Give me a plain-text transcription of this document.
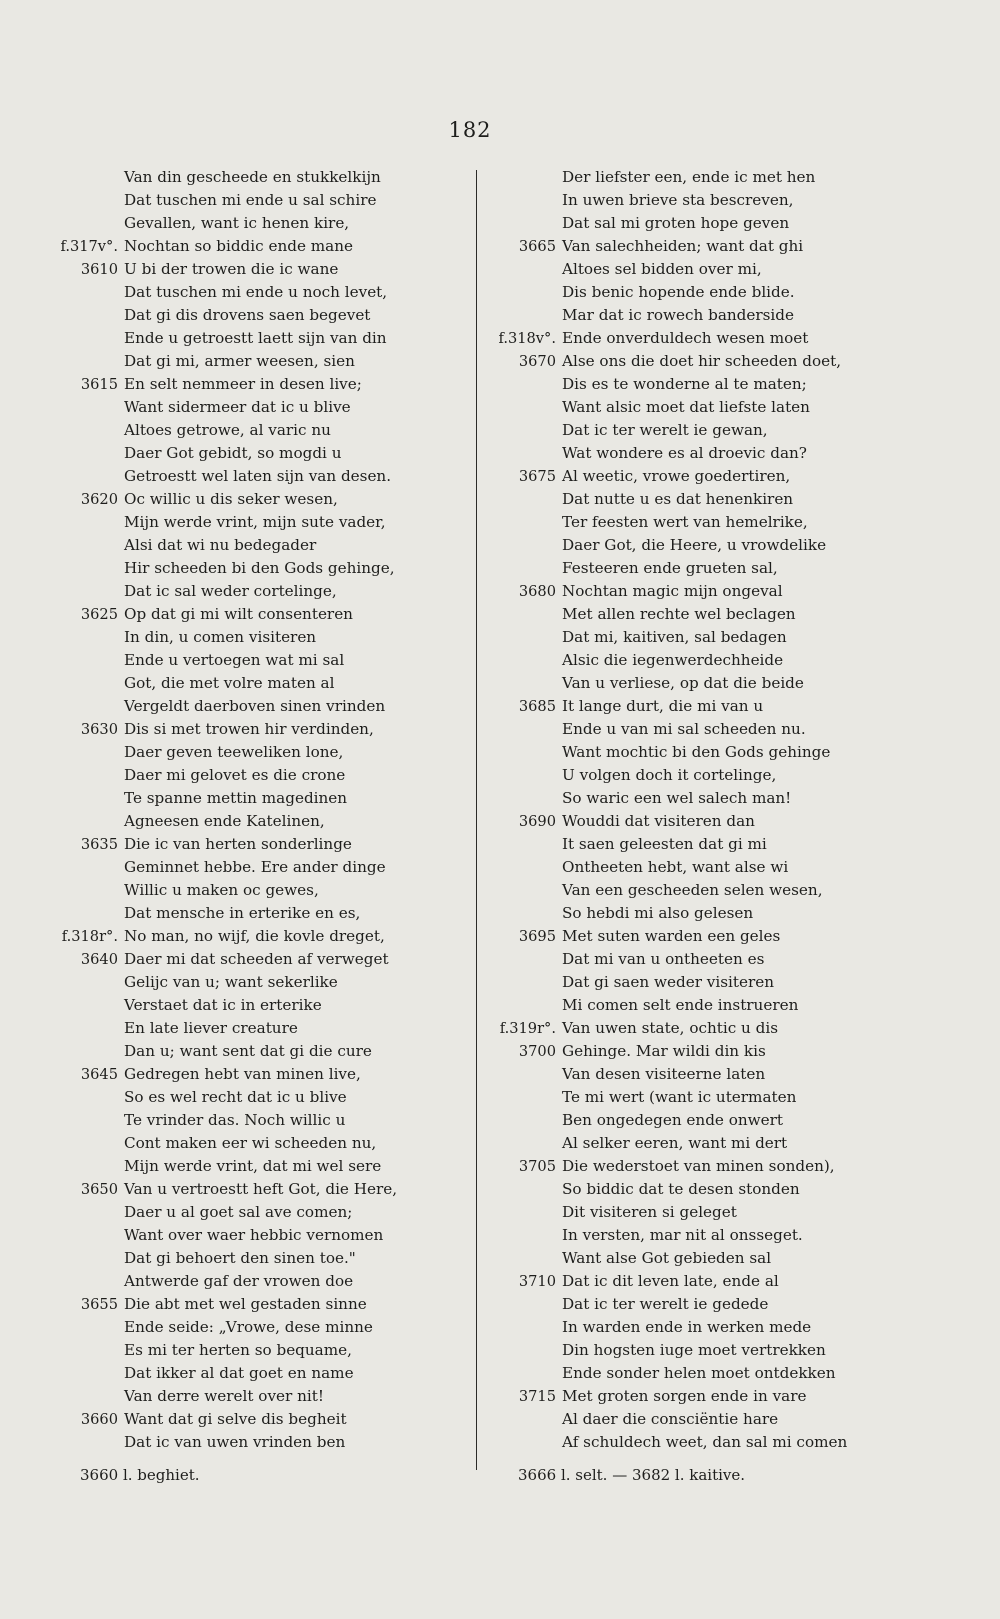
182
Van din gescheede en stukkelkijn
Dat tuschen mi ende u sal schire
Gevallen, want ic henen kire,
f.317v°. Nochtan so biddic ende mane
3610 U bi der trowen die ic wane
Dat tuschen mi ende u noch levet,
Dat gi dis drovens saen begevet
Ende u getroestt laett sijn van din
Dat gi mi, armer weesen, sien
3615 En selt nemmeer in desen live;
Want sidermeer dat ic u blive
Altoes getrowe, al varic nu
Daer Got gebidt, so mogdi u
Getroestt wel laten sijn van desen.
3620 Oc willic u dis seker wesen,
Mijn werde vrint, mijn sute vader,
Alsi dat wi nu bedegader
Hir scheeden bi den Gods gehinge,
Dat ic sal weder cortelinge,
3625 Op dat gi mi wilt consenteren
In din, u comen visiteren
Ende u vertoegen wat mi sal
Got, die met volre maten al
Vergeldt daerboven sinen vrinden
3630 Dis si met trowen hir verdinden,
Daer geven teeweliken lone,
Daer mi gelovet es die crone
Te spanne mettin magedinen
Agneesen ende Katelinen,
3635 Die ic van herten sonderlinge
Geminnet hebbe. Ere ander dinge
Willic u maken oc gewes,
Dat mensche in erterike en es,
f.318r°. No man, no wijf, die kovle dreget,
3640 Daer mi dat scheeden af verweget
Gelijc van u; want sekerlike
Verstaet dat ic in erterike
En late liever creature
Dan u; want sent dat gi die cure
3645 Gedregen hebt van minen live,
So es wel recht dat ic u blive
Te vrinder das. Noch willic u
Cont maken eer wi scheeden nu,
Mijn werde vrint, dat mi wel sere
3650 Van u vertroestt heft Got, die Here,
Daer u al goet sal ave comen;
Want over waer hebbic vernomen
Dat gi behoert den sinen toe."
Antwerde gaf der vrowen doe
3655 Die abt met wel gestaden sinne
Ende seide: „Vrowe, dese minne
Es mi ter herten so bequame,
Dat ikker al dat goet en name
Van derre werelt over nit!
3660 Want dat gi selve dis begheit
Dat ic van uwen vrinden ben
Der liefster een, ende ic met hen
In uwen brieve sta bescreven,
Dat sal mi groten hope geven
3665 Van salechheiden; want dat ghi
Altoes sel bidden over mi,
Dis benic hopende ende blide.
Mar dat ic rowech banderside
f.318v°. Ende onverduldech wesen moet
3670 Alse ons die doet hir scheeden doet,
Dis es te wonderne al te maten;
Want alsic moet dat liefste laten
Dat ic ter werelt ie gewan,
Wat wondere es al droevic dan?
3675 Al weetic, vrowe goedertiren,
Dat nutte u es dat henenkiren
Ter feesten wert van hemelrike,
Daer Got, die Heere, u vrowdelike
Festeeren ende grueten sal,
3680 Nochtan magic mijn ongeval
Met allen rechte wel beclagen
Dat mi, kaitiven, sal bedagen
Alsic die iegenwerdechheide
Van u verliese, op dat die beide
3685 It lange durt, die mi van u
Ende u van mi sal scheeden nu.
Want mochtic bi den Gods gehinge
U volgen doch it cortelinge,
So waric een wel salech man!
3690 Wouddi dat visiteren dan
It saen geleesten dat gi mi
Ontheeten hebt, want alse wi
Van een gescheeden selen wesen,
So hebdi mi also gelesen
3695 Met suten warden een geles
Dat mi van u ontheeten es
Dat gi saen weder visiteren
Mi comen selt ende instrueren
f.319r°. Van uwen state, ochtic u dis
3700 Gehinge. Mar wildi din kis
Van desen visiteerne laten
Te mi wert (want ic utermaten
Ben ongedegen ende onwert
Al selker eeren, want mi dert
3705 Die wederstoet van minen sonden),
So biddic dat te desen stonden
Dit visiteren si geleget
In versten, mar nit al onsseget.
Want alse Got gebieden sal
3710 Dat ic dit leven late, ende al
Dat ic ter werelt ie gedede
In warden ende in werken mede
Din hogsten iuge moet vertrekken
Ende sonder helen moet ontdekken
3715 Met groten sorgen ende in vare
Al daer die consciëntie hare
Af schuldech weet, dan sal mi comen
3660 l. beghiet.	3666 l. selt. — 3682 l. kaitive.
